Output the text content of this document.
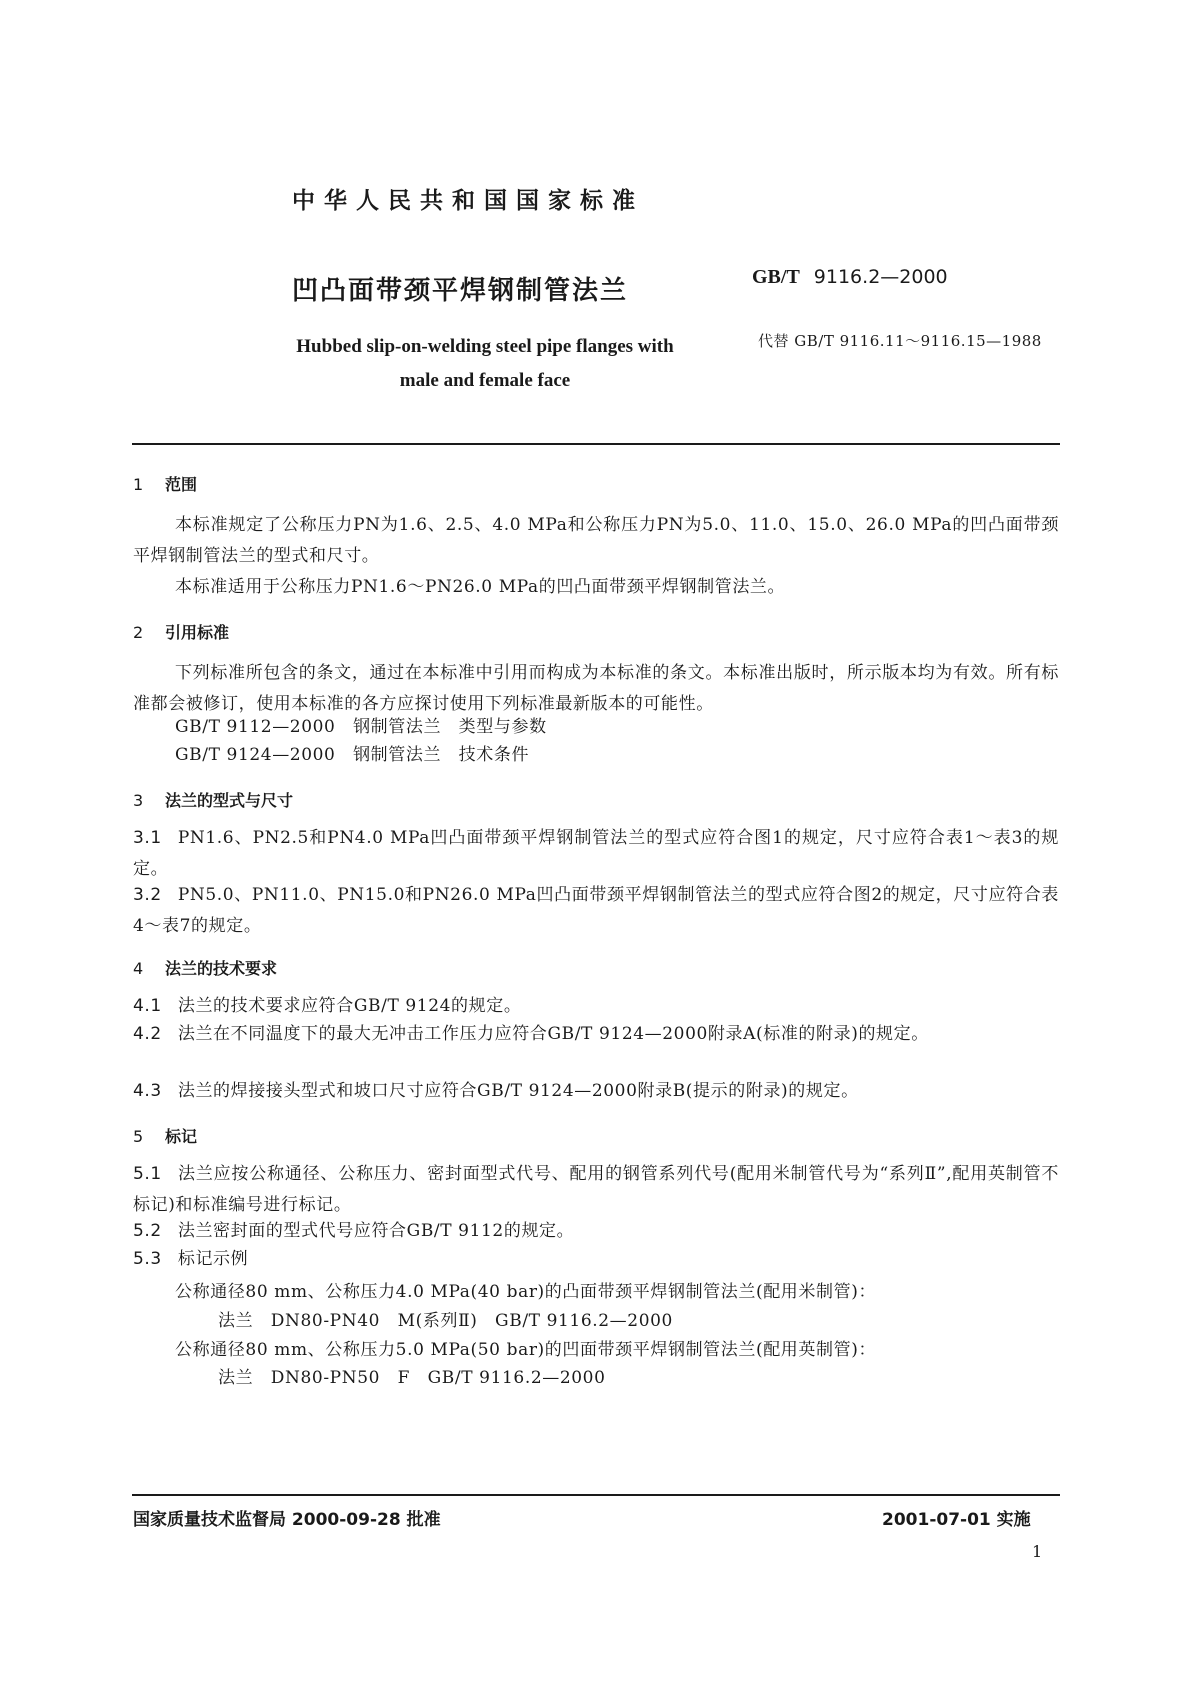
中华人民共和国国家标准
凹凸面带颈平焊钢制管法兰	GB/T 9116.2—2000
Hubbed slip-on-welding steel pipe flanges with male and female face
代替 GB/T 9116.11～9116.15—1988
1 范围
本标准规定了公称压力PN为1.6、2.5、4.0 MPa和公称压力PN为5.0、11.0、15.0、26.0 MPa的凹凸面带颈平焊钢制管法兰的型式和尺寸。
本标准适用于公称压力PN1.6～PN26.0 MPa的凹凸面带颈平焊钢制管法兰。
2 引用标准
下列标准所包含的条文，通过在本标准中引用而构成为本标准的条文。本标准出版时，所示版本均为有效。所有标准都会被修订，使用本标准的各方应探讨使用下列标准最新版本的可能性。
GB/T 9112—2000　钢制管法兰　类型与参数
GB/T 9124—2000　钢制管法兰　技术条件
3 法兰的型式与尺寸
3.1 PN1.6、PN2.5和PN4.0 MPa凹凸面带颈平焊钢制管法兰的型式应符合图1的规定，尺寸应符合表1～表3的规定。
3.2 PN5.0、PN11.0、PN15.0和PN26.0 MPa凹凸面带颈平焊钢制管法兰的型式应符合图2的规定，尺寸应符合表4～表7的规定。
4 法兰的技术要求
4.1 法兰的技术要求应符合GB/T 9124的规定。
4.2 法兰在不同温度下的最大无冲击工作压力应符合GB/T 9124—2000附录A(标准的附录)的规定。
4.3 法兰的焊接接头型式和坡口尺寸应符合GB/T 9124—2000附录B(提示的附录)的规定。
5 标记
5.1 法兰应按公称通径、公称压力、密封面型式代号、配用的钢管系列代号(配用米制管代号为“系列Ⅱ”,配用英制管不标记)和标准编号进行标记。
5.2 法兰密封面的型式代号应符合GB/T 9112的规定。
5.3 标记示例
公称通径80 mm、公称压力4.0 MPa(40 bar)的凸面带颈平焊钢制管法兰(配用米制管)：
法兰　DN80-PN40　M(系列Ⅱ)　GB/T 9116.2—2000
公称通径80 mm、公称压力5.0 MPa(50 bar)的凹面带颈平焊钢制管法兰(配用英制管)：
法兰　DN80-PN50　F　GB/T 9116.2—2000
国家质量技术监督局 2000-09-28 批准	2001-07-01 实施
1
